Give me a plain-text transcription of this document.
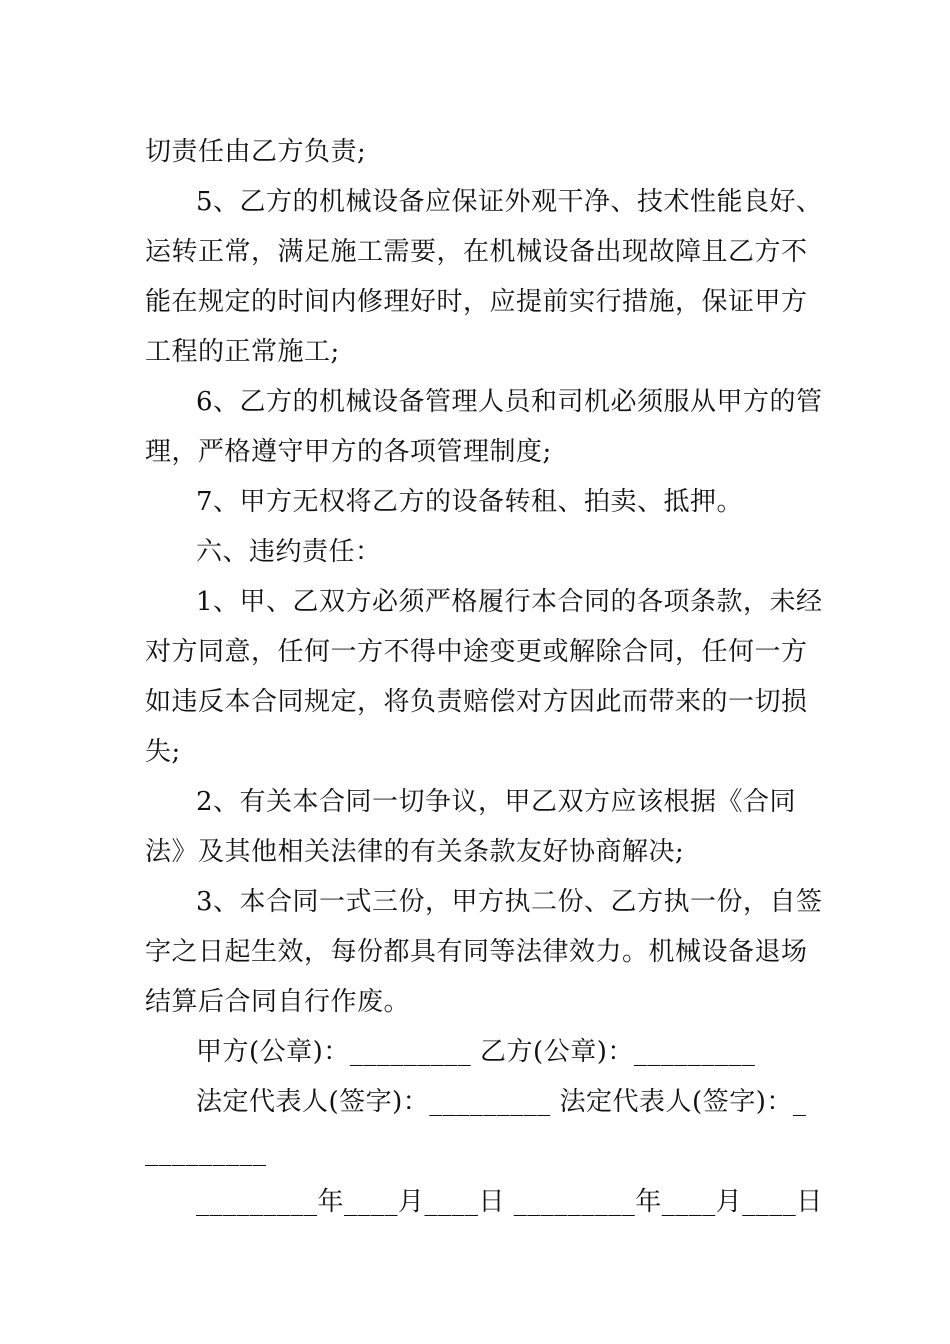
切责任由乙方负责;
5、乙方的机械设备应保证外观干净、技术性能良好、
运转正常，满足施工需要，在机械设备出现故障且乙方不
能在规定的时间内修理好时，应提前实行措施，保证甲方
工程的正常施工;
6、乙方的机械设备管理人员和司机必须服从甲方的管
理，严格遵守甲方的各项管理制度;
7、甲方无权将乙方的设备转租、拍卖、抵押。
六、违约责任：
1、甲、乙双方必须严格履行本合同的各项条款，未经
对方同意，任何一方不得中途变更或解除合同，任何一方
如违反本合同规定，将负责赔偿对方因此而带来的一切损
失;
2、有关本合同一切争议，甲乙双方应该根据《合同
法》及其他相关法律的有关条款友好协商解决;
3、本合同一式三份，甲方执二份、乙方执一份，自签
字之日起生效，每份都具有同等法律效力。机械设备退场
结算后合同自行作废。
甲方(公章)：_________ 乙方(公章)：_________
法定代表人(签字)：_________ 法定代表人(签字)：_
_________
_________年____月____日 _________年____月____日
